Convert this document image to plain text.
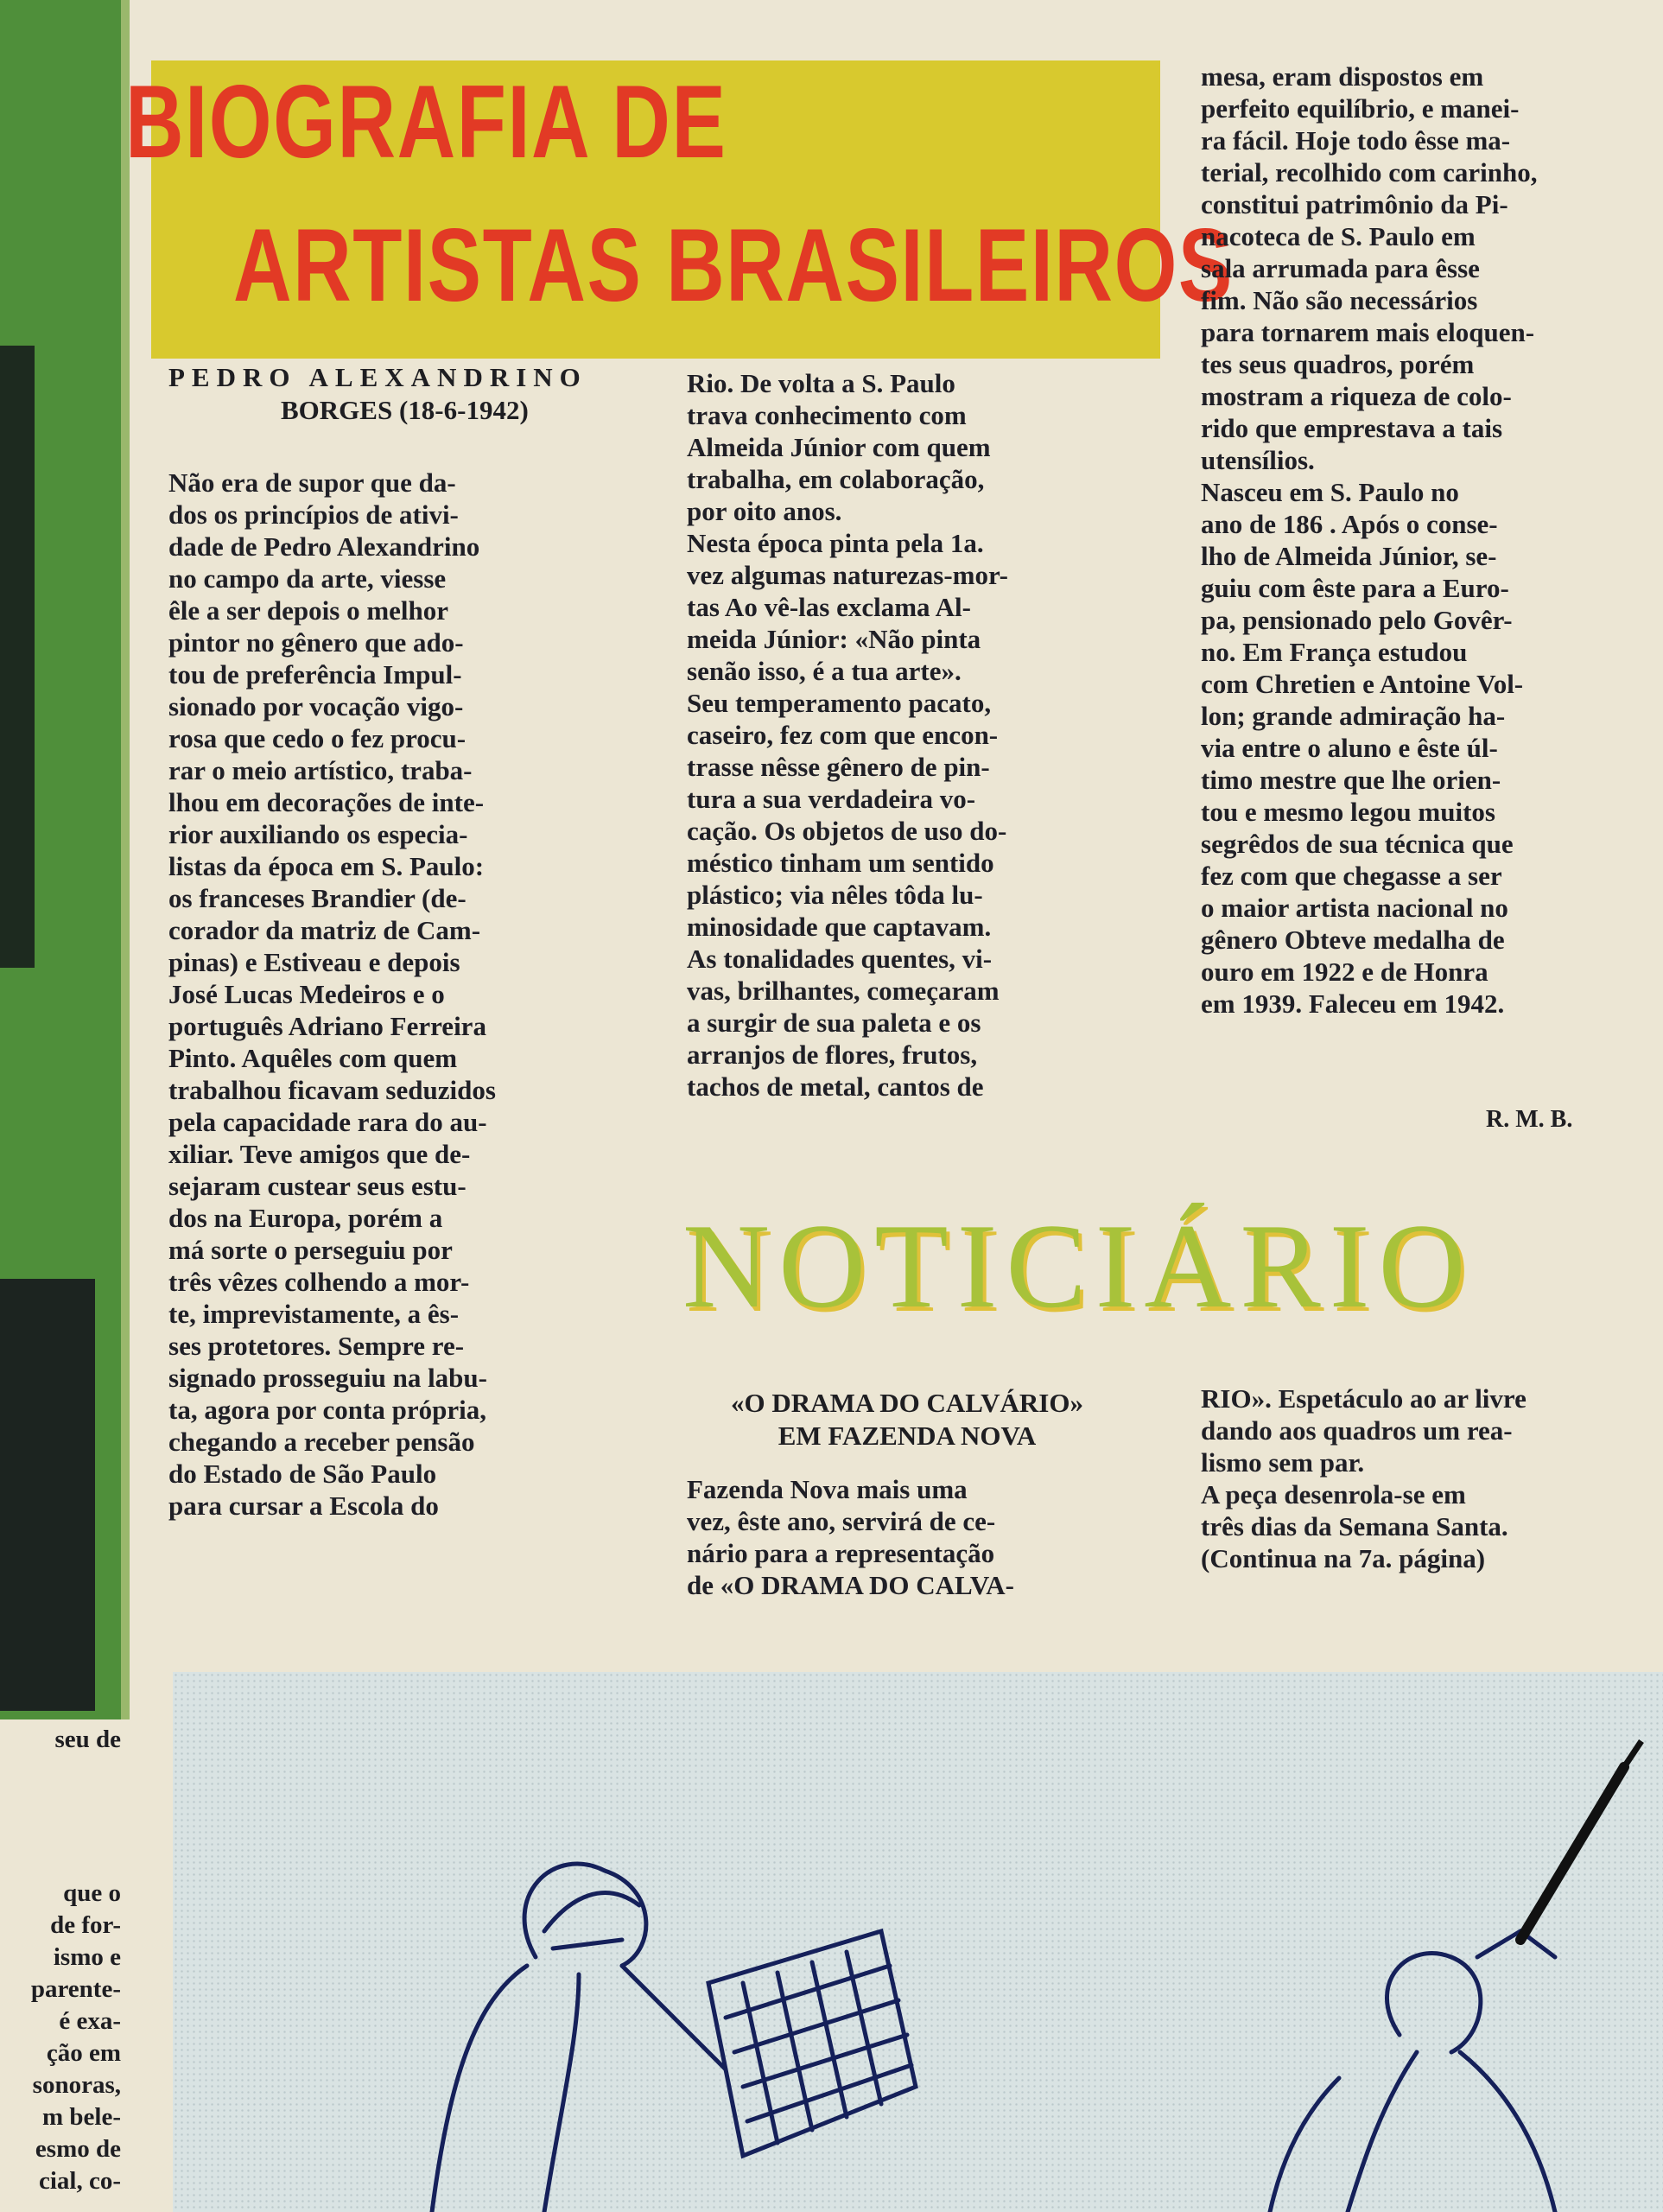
seu de
que o
de for-
ismo e
parente-
é exa-
ção em
sonoras,
m bele-
esmo de
cial, co-
BIOGRAFIA DE
ARTISTAS BRASILEIROS
PEDRO ALEXANDRINO
BORGES (18-6-1942)
Não era de supor que da-
dos os princípios de ativi-
dade de Pedro Alexandrino
no campo da arte, viesse
êle a ser depois o melhor
pintor no gênero que ado-
tou de preferência Impul-
sionado por vocação vigo-
rosa que cedo o fez procu-
rar o meio artístico, traba-
lhou em decorações de inte-
rior auxiliando os especia-
listas da época em S. Paulo:
os franceses Brandier (de-
corador da matriz de Cam-
pinas) e Estiveau e depois
José Lucas Medeiros e o
português Adriano Ferreira
Pinto. Aquêles com quem
trabalhou ficavam seduzidos
pela capacidade rara do au-
xiliar. Teve amigos que de-
sejaram custear seus estu-
dos na Europa, porém a
má sorte o perseguiu por
três vêzes colhendo a mor-
te, imprevistamente, a ês-
ses protetores. Sempre re-
signado prosseguiu na labu-
ta, agora por conta própria,
chegando a receber pensão
do Estado de São Paulo
para cursar a Escola do
Rio. De volta a S. Paulo
trava conhecimento com
Almeida Júnior com quem
trabalha, em colaboração,
por oito anos.
Nesta época pinta pela 1a.
vez algumas naturezas-mor-
tas Ao vê-las exclama Al-
meida Júnior: «Não pinta
senão isso, é a tua arte».
Seu temperamento pacato,
caseiro, fez com que encon-
trasse nêsse gênero de pin-
tura a sua verdadeira vo-
cação. Os objetos de uso do-
méstico tinham um sentido
plástico; via nêles tôda lu-
minosidade que captavam.
As tonalidades quentes, vi-
vas, brilhantes, começaram
a surgir de sua paleta e os
arranjos de flores, frutos,
tachos de metal, cantos de
mesa, eram dispostos em
perfeito equilíbrio, e manei-
ra fácil. Hoje todo êsse ma-
terial, recolhido com carinho,
constitui patrimônio da Pi-
nacoteca de S. Paulo em
sala arrumada para êsse
fim. Não são necessários
para tornarem mais eloquen-
tes seus quadros, porém
mostram a riqueza de colo-
rido que emprestava a tais
utensílios.
Nasceu em S. Paulo no
ano de 186 . Após o conse-
lho de Almeida Júnior, se-
guiu com êste para a Euro-
pa, pensionado pelo Govêr-
no. Em França estudou
com Chretien e Antoine Vol-
lon; grande admiração ha-
via entre o aluno e êste úl-
timo mestre que lhe orien-
tou e mesmo legou muitos
segrêdos de sua técnica que
fez com que chegasse a ser
o maior artista nacional no
gênero Obteve medalha de
ouro em 1922 e de Honra
em 1939. Faleceu em 1942.
R. M. B.
NOTICIÁRIO
«O DRAMA DO CALVÁRIO»
EM FAZENDA NOVA
Fazenda Nova mais uma
vez, êste ano, servirá de ce-
nário para a representação
de «O DRAMA DO CALVA-
RIO». Espetáculo ao ar livre
dando aos quadros um rea-
lismo sem par.
A peça desenrola-se em
três dias da Semana Santa.
(Continua na 7a. página)
